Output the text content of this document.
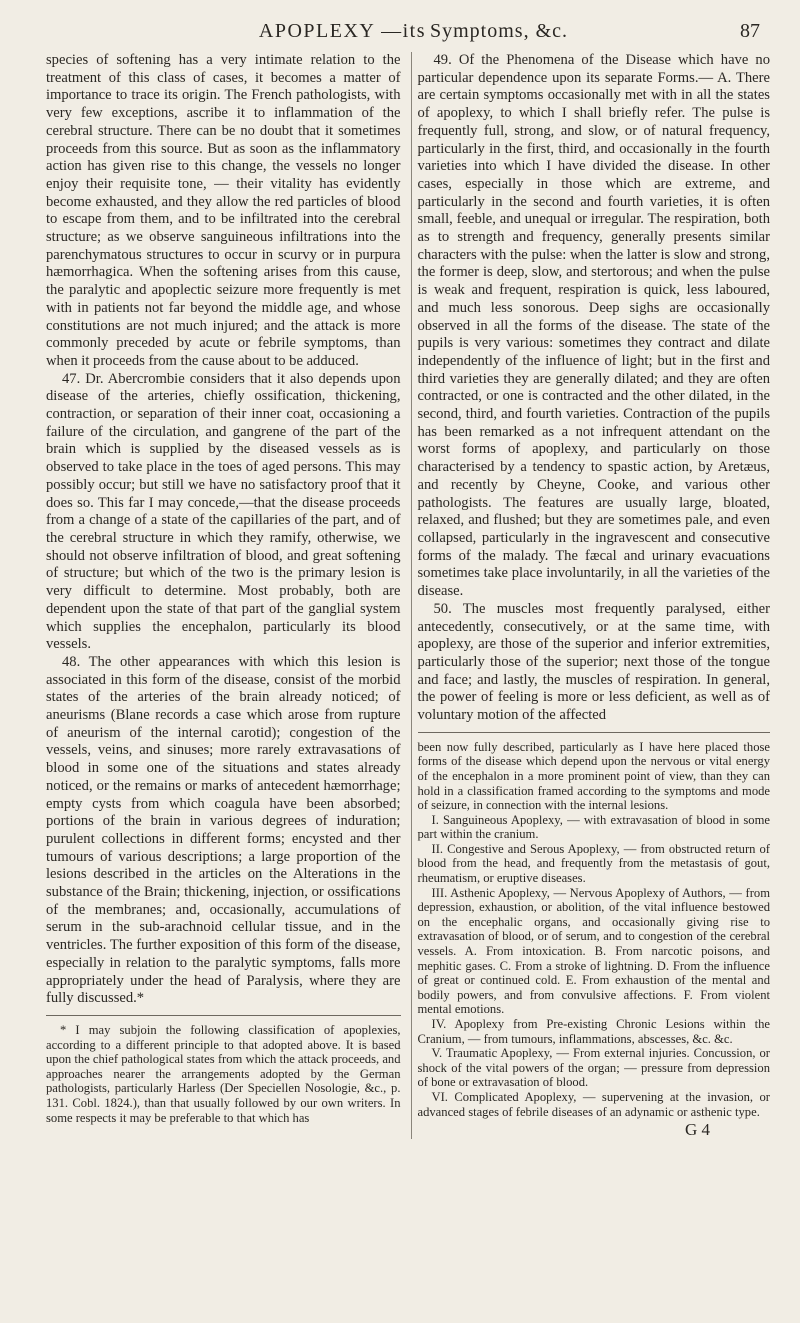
APOPLEXY —its Symptoms, &c.	87

species of softening has a very intimate relation to the treatment of this class of cases, it becomes a matter of importance to trace its origin. The French pathologists, with very few exceptions, ascribe it to inflammation of the cerebral structure. There can be no doubt that it sometimes proceeds from this source. But as soon as the inflammatory action has given rise to this change, the vessels no longer enjoy their requisite tone, — their vitality has evidently become exhausted, and they allow the red particles of blood to escape from them, and to be infiltrated into the cerebral structure; as we observe sanguineous infiltrations into the parenchymatous structures to occur in scurvy or in purpura hæmorrhagica. When the softening arises from this cause, the paralytic and apoplectic seizure more frequently is met with in patients not far beyond the middle age, and whose constitutions are not much injured; and the attack is more commonly preceded by acute or febrile symptoms, than when it proceeds from the cause about to be adduced.

47. Dr. Abercrombie considers that it also depends upon disease of the arteries, chiefly ossification, thickening, contraction, or separation of their inner coat, occasioning a failure of the circulation, and gangrene of the part of the brain which is supplied by the diseased vessels as is observed to take place in the toes of aged persons. This may possibly occur; but still we have no satisfactory proof that it does so. This far I may concede,—that the disease proceeds from a change of a state of the capillaries of the part, and of the cerebral structure in which they ramify, otherwise, we should not observe infiltration of blood, and great softening of structure; but which of the two is the primary lesion is very difficult to determine. Most probably, both are dependent upon the state of that part of the ganglial system which supplies the encephalon, particularly its blood vessels.

48. The other appearances with which this lesion is associated in this form of the disease, consist of the morbid states of the arteries of the brain already noticed; of aneurisms (Blane records a case which arose from rupture of aneurism of the internal carotid); congestion of the vessels, veins, and sinuses; more rarely extravasations of blood in some one of the situations and states already noticed, or the remains or marks of antecedent hæmorrhage; empty cysts from which coagula have been absorbed; portions of the brain in various degrees of induration; purulent collections in different forms; encysted and ther tumours of various descriptions; a large proportion of the lesions described in the articles on the Alterations in the substance of the Brain; thickening, injection, or ossifications of the membranes; and, occasionally, accumulations of serum in the sub-arachnoid cellular tissue, and in the ventricles. The further exposition of this form of the disease, especially in relation to the paralytic symptoms, falls more appropriately under the head of Paralysis, where they are fully discussed.*

* I may subjoin the following classification of apoplexies, according to a different principle to that adopted above. It is based upon the chief pathological states from which the attack proceeds, and approaches nearer the arrangements adopted by the German pathologists, particularly Harless (Der Speciellen Nosologie, &c., p. 131. Cobl. 1824.), than that usually followed by our own writers. In some respects it may be preferable to that which has

49. Of the Phenomena of the Disease which have no particular dependence upon its separate Forms.— A. There are certain symptoms occasionally met with in all the states of apoplexy, to which I shall briefly refer. The pulse is frequently full, strong, and slow, or of natural frequency, particularly in the first, third, and occasionally in the fourth varieties into which I have divided the disease. In other cases, especially in those which are extreme, and particularly in the second and fourth varieties, it is often small, feeble, and unequal or irregular. The respiration, both as to strength and frequency, generally presents similar characters with the pulse: when the latter is slow and strong, the former is deep, slow, and stertorous; and when the pulse is weak and frequent, respiration is quick, less laboured, and much less sonorous. Deep sighs are occasionally observed in all the forms of the disease. The state of the pupils is very various: sometimes they contract and dilate independently of the influence of light; but in the first and third varieties they are generally dilated; and they are often contracted, or one is contracted and the other dilated, in the second, third, and fourth varieties. Contraction of the pupils has been remarked as a not infrequent attendant on the worst forms of apoplexy, and particularly on those characterised by a tendency to spastic action, by Aretæus, and recently by Cheyne, Cooke, and various other pathologists. The features are usually large, bloated, relaxed, and flushed; but they are sometimes pale, and even collapsed, particularly in the ingravescent and consecutive forms of the malady. The fæcal and urinary evacuations sometimes take place involuntarily, in all the varieties of the disease.

50. The muscles most frequently paralysed, either antecedently, consecutively, or at the same time, with apoplexy, are those of the superior and inferior extremities, particularly those of the superior; next those of the tongue and face; and lastly, the muscles of respiration. In general, the power of feeling is more or less deficient, as well as of voluntary motion of the affected

been now fully described, particularly as I have here placed those forms of the disease which depend upon the nervous or vital energy of the encephalon in a more prominent point of view, than they can hold in a classification framed according to the symptoms and mode of seizure, in connection with the internal lesions.

I. Sanguineous Apoplexy, — with extravasation of blood in some part within the cranium.

II. Congestive and Serous Apoplexy, — from obstructed return of blood from the head, and frequently from the metastasis of gout, rheumatism, or eruptive diseases.

III. Asthenic Apoplexy, — Nervous Apoplexy of Authors, — from depression, exhaustion, or abolition, of the vital influence bestowed on the encephalic organs, and occasionally giving rise to extravasation of blood, or of serum, and to congestion of the cerebral vessels. A. From intoxication. B. From narcotic poisons, and mephitic gases. C. From a stroke of lightning. D. From the influence of great or continued cold. E. From exhaustion of the mental and bodily powers, and from convulsive affections. F. From violent mental emotions.

IV. Apoplexy from Pre-existing Chronic Lesions within the Cranium, — from tumours, inflammations, abscesses, &c. &c.

V. Traumatic Apoplexy, — From external injuries. Concussion, or shock of the vital powers of the organ; — pressure from depression of bone or extravasation of blood.

VI. Complicated Apoplexy, — supervening at the invasion, or advanced stages of febrile diseases of an adynamic or asthenic type.

G 4
